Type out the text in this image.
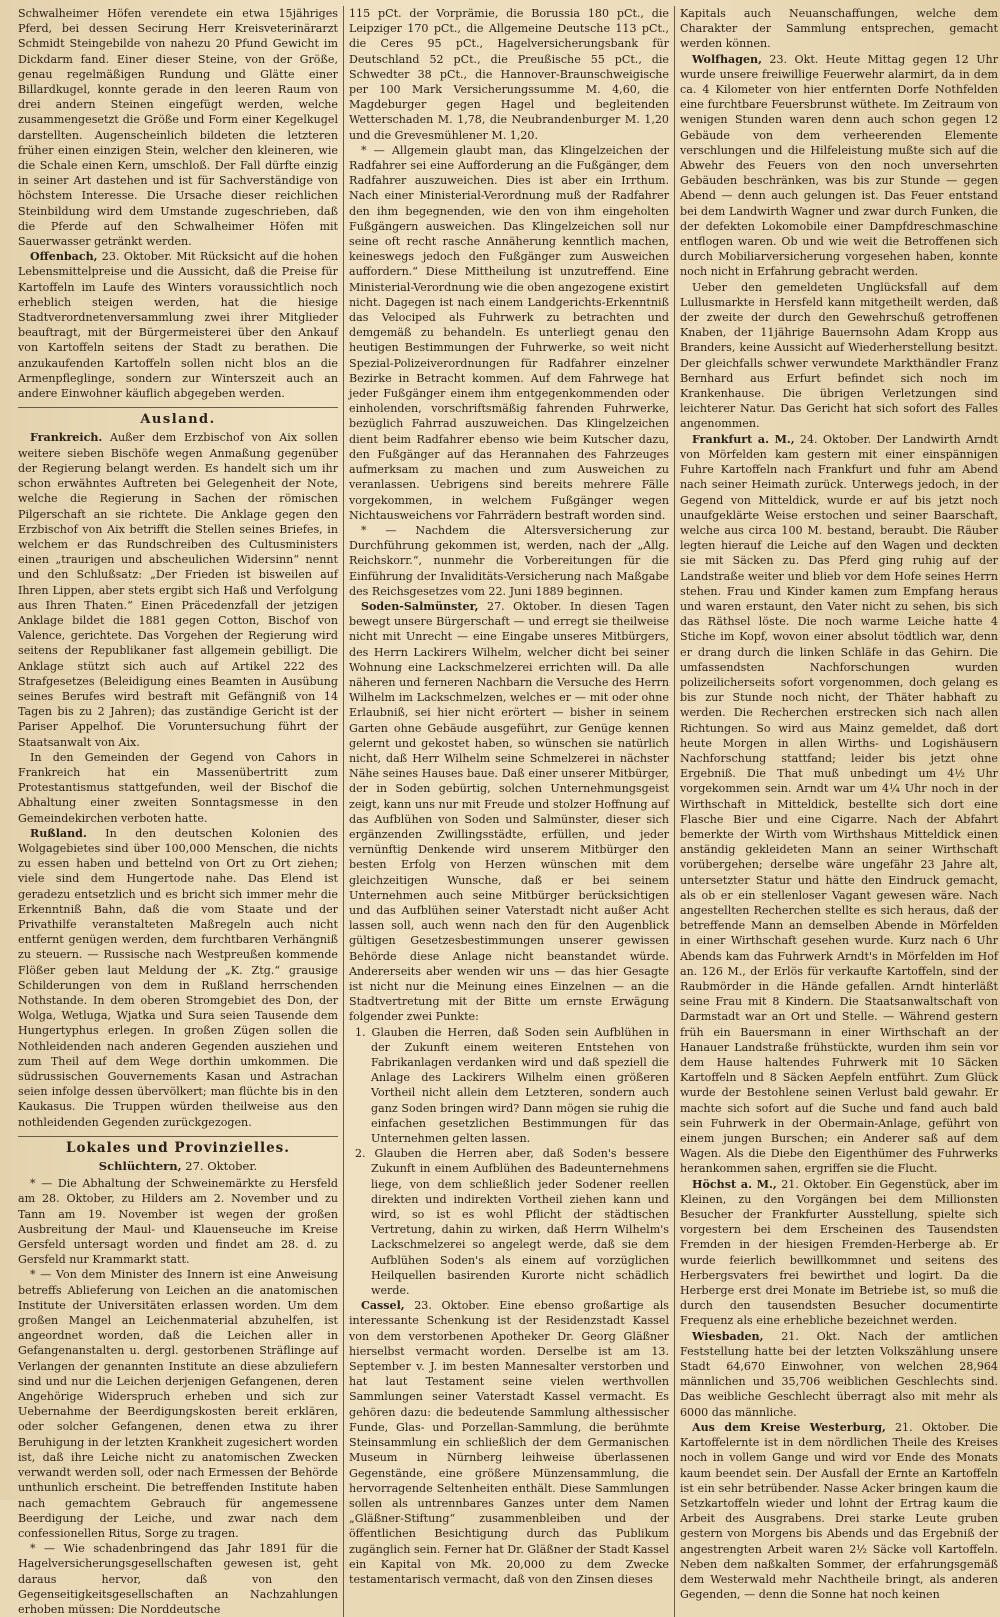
Schwalheimer Höfen verendete ein etwa 15jähriges Pferd, bei dessen Secirung Herr Kreisveterinärarzt Schmidt Steingebilde von nahezu 20 Pfund Gewicht im Dickdarm fand. Einer dieser Steine, von der Größe, genau regelmäßigen Rundung und Glätte einer Billardkugel, konnte gerade in den leeren Raum von drei andern Steinen eingefügt werden, welche zusammengesetzt die Größe und Form einer Kegelkugel darstellten. Augenscheinlich bildeten die letzteren früher einen einzigen Stein, welcher den kleineren, wie die Schale einen Kern, umschloß. Der Fall dürfte einzig in seiner Art dastehen und ist für Sachverständige von höchstem Interesse. Die Ursache dieser reichlichen Steinbildung wird dem Umstande zugeschrieben, daß die Pferde auf den Schwalheimer Höfen mit Sauerwasser getränkt werden.

Offenbach, 23. Oktober. Mit Rücksicht auf die hohen Lebensmittelpreise und die Aussicht, daß die Preise für Kartoffeln im Laufe des Winters voraussichtlich noch erheblich steigen werden, hat die hiesige Stadtverordnetenversammlung zwei ihrer Mitglieder beauftragt, mit der Bürgermeisterei über den Ankauf von Kartoffeln seitens der Stadt zu berathen. Die anzukaufenden Kartoffeln sollen nicht blos an die Armenpfleglinge, sondern zur Winterszeit auch an andere Einwohner käuflich abgegeben werden.

Ausland.

Frankreich. Außer dem Erzbischof von Aix sollen weitere sieben Bischöfe wegen Anmaßung gegenüber der Regierung belangt werden. Es handelt sich um ihr schon erwähntes Auftreten bei Gelegenheit der Note, welche die Regierung in Sachen der römischen Pilgerschaft an sie richtete. Die Anklage gegen den Erzbischof von Aix betrifft die Stellen seines Briefes, in welchem er das Rundschreiben des Cultusministers einen „traurigen und abscheulichen Widersinn“ nennt und den Schlußsatz: „Der Frieden ist bisweilen auf Ihren Lippen, aber stets ergibt sich Haß und Verfolgung aus Ihren Thaten.“ Einen Präcedenzfall der jetzigen Anklage bildet die 1881 gegen Cotton, Bischof von Valence, gerichtete. Das Vorgehen der Regierung wird seitens der Republikaner fast allgemein gebilligt. Die Anklage stützt sich auch auf Artikel 222 des Strafgesetzes (Beleidigung eines Beamten in Ausübung seines Berufes wird bestraft mit Gefängniß von 14 Tagen bis zu 2 Jahren); das zuständige Gericht ist der Pariser Appelhof. Die Voruntersuchung führt der Staatsanwalt von Aix.

In den Gemeinden der Gegend von Cahors in Frankreich hat ein Massenübertritt zum Protestantismus stattgefunden, weil der Bischof die Abhaltung einer zweiten Sonntagsmesse in den Gemeindekirchen verboten hatte.

Rußland. In den deutschen Kolonien des Wolgagebietes sind über 100,000 Menschen, die nichts zu essen haben und bettelnd von Ort zu Ort ziehen; viele sind dem Hungertode nahe. Das Elend ist geradezu entsetzlich und es bricht sich immer mehr die Erkenntniß Bahn, daß die vom Staate und der Privathilfe veranstalteten Maßregeln auch nicht entfernt genügen werden, dem furchtbaren Verhängniß zu steuern. — Russische nach Westpreußen kommende Flößer geben laut Meldung der „K. Ztg.“ grausige Schilderungen von dem in Rußland herrschenden Nothstande. In dem oberen Stromgebiet des Don, der Wolga, Wetluga, Wjatka und Sura seien Tausende dem Hungertyphus erlegen. In großen Zügen sollen die Nothleidenden nach anderen Gegenden ausziehen und zum Theil auf dem Wege dorthin umkommen. Die südrussischen Gouvernements Kasan und Astrachan seien infolge dessen übervölkert; man flüchte bis in den Kaukasus. Die Truppen würden theilweise aus den nothleidenden Gegenden zurückgezogen.

Lokales und Provinzielles.
Schlüchtern, 27. Oktober.

* — Die Abhaltung der Schweinemärkte zu Hersfeld am 28. Oktober, zu Hilders am 2. November und zu Tann am 19. November ist wegen der großen Ausbreitung der Maul- und Klauenseuche im Kreise Gersfeld untersagt worden und findet am 28. d. zu Gersfeld nur Krammarkt statt.

* — Von dem Minister des Innern ist eine Anweisung betreffs Ablieferung von Leichen an die anatomischen Institute der Universitäten erlassen worden. Um dem großen Mangel an Leichenmaterial abzuhelfen, ist angeordnet worden, daß die Leichen aller in Gefangenanstalten u. dergl. gestorbenen Sträflinge auf Verlangen der genannten Institute an diese abzuliefern sind und nur die Leichen derjenigen Gefangenen, deren Angehörige Widerspruch erheben und sich zur Uebernahme der Beerdigungskosten bereit erklären, oder solcher Gefangenen, denen etwa zu ihrer Beruhigung in der letzten Krankheit zugesichert worden ist, daß ihre Leiche nicht zu anatomischen Zwecken verwandt werden soll, oder nach Ermessen der Behörde unthunlich erscheint. Die betreffenden Institute haben nach gemachtem Gebrauch für angemessene Beerdigung der Leiche, und zwar nach dem confessionellen Ritus, Sorge zu tragen.

* — Wie schadenbringend das Jahr 1891 für die Hagelversicherungsgesellschaften gewesen ist, geht daraus hervor, daß von den Gegenseitigkeitsgesellschaften an Nachzahlungen erhoben müssen: Die Norddeutsche

115 pCt. der Vorprämie, die Borussia 180 pCt., die Leipziger 170 pCt., die Allgemeine Deutsche 113 pCt., die Ceres 95 pCt., Hagelversicherungsbank für Deutschland 52 pCt., die Preußische 55 pCt., die Schwedter 38 pCt., die Hannover-Braunschweigische per 100 Mark Versicherungssumme M. 4,60, die Magdeburger gegen Hagel und begleitenden Wetterschaden M. 1,78, die Neubrandenburger M. 1,20 und die Grevesmühlener M. 1,20.

* — Allgemein glaubt man, das Klingelzeichen der Radfahrer sei eine Aufforderung an die Fußgänger, dem Radfahrer auszuweichen. Dies ist aber ein Irrthum. Nach einer Ministerial-Verordnung muß der Radfahrer den ihm begegnenden, wie den von ihm eingeholten Fußgängern ausweichen. Das Klingelzeichen soll nur seine oft recht rasche Annäherung kenntlich machen, keineswegs jedoch den Fußgänger zum Ausweichen auffordern.“ Diese Mittheilung ist unzutreffend. Eine Ministerial-Verordnung wie die oben angezogene existirt nicht. Dagegen ist nach einem Landgerichts-Erkenntniß das Velociped als Fuhrwerk zu betrachten und demgemäß zu behandeln. Es unterliegt genau den heutigen Bestimmungen der Fuhrwerke, so weit nicht Spezial-Polizeiverordnungen für Radfahrer einzelner Bezirke in Betracht kommen. Auf dem Fahrwege hat jeder Fußgänger einem ihm entgegenkommenden oder einholenden, vorschriftsmäßig fahrenden Fuhrwerke, bezüglich Fahrrad auszuweichen. Das Klingelzeichen dient beim Radfahrer ebenso wie beim Kutscher dazu, den Fußgänger auf das Herannahen des Fahrzeuges aufmerksam zu machen und zum Ausweichen zu veranlassen. Uebrigens sind bereits mehrere Fälle vorgekommen, in welchem Fußgänger wegen Nichtausweichens vor Fahrrädern bestraft worden sind.

* — Nachdem die Altersversicherung zur Durchführung gekommen ist, werden, nach der „Allg. Reichskorr.“, nunmehr die Vorbereitungen für die Einführung der Invaliditäts-Versicherung nach Maßgabe des Reichsgesetzes vom 22. Juni 1889 beginnen.

Soden-Salmünster, 27. Oktober. In diesen Tagen bewegt unsere Bürgerschaft — und erregt sie theilweise nicht mit Unrecht — eine Eingabe unseres Mitbürgers, des Herrn Lackirers Wilhelm, welcher dicht bei seiner Wohnung eine Lackschmelzerei errichten will. Da alle näheren und ferneren Nachbarn die Versuche des Herrn Wilhelm im Lackschmelzen, welches er — mit oder ohne Erlaubniß, sei hier nicht erörtert — bisher in seinem Garten ohne Gebäude ausgeführt, zur Genüge kennen gelernt und gekostet haben, so wünschen sie natürlich nicht, daß Herr Wilhelm seine Schmelzerei in nächster Nähe seines Hauses baue. Daß einer unserer Mitbürger, der in Soden gebürtig, solchen Unternehmungsgeist zeigt, kann uns nur mit Freude und stolzer Hoffnung auf das Aufblühen von Soden und Salmünster, dieser sich ergänzenden Zwillingsstädte, erfüllen, und jeder vernünftig Denkende wird unserem Mitbürger den besten Erfolg von Herzen wünschen mit dem gleichzeitigen Wunsche, daß er bei seinem Unternehmen auch seine Mitbürger berücksichtigen und das Aufblühen seiner Vaterstadt nicht außer Acht lassen soll, auch wenn nach den für den Augenblick gültigen Gesetzesbestimmungen unserer gewissen Behörde diese Anlage nicht beanstandet würde. Andererseits aber wenden wir uns — das hier Gesagte ist nicht nur die Meinung eines Einzelnen — an die Stadtvertretung mit der Bitte um ernste Erwägung folgender zwei Punkte:

1. Glauben die Herren, daß Soden sein Aufblühen in der Zukunft einem weiteren Entstehen von Fabrikanlagen verdanken wird und daß speziell die Anlage des Lackirers Wilhelm einen größeren Vortheil nicht allein dem Letzteren, sondern auch ganz Soden bringen wird? Dann mögen sie ruhig die einfachen gesetzlichen Bestimmungen für das Unternehmen gelten lassen.

2. Glauben die Herren aber, daß Soden's bessere Zukunft in einem Aufblühen des Badeunternehmens liege, von dem schließlich jeder Sodener reellen direkten und indirekten Vortheil ziehen kann und wird, so ist es wohl Pflicht der städtischen Vertretung, dahin zu wirken, daß Herrn Wilhelm's Lackschmelzerei so angelegt werde, daß sie dem Aufblühen Soden's als einem auf vorzüglichen Heilquellen basirenden Kurorte nicht schädlich werde.

Cassel, 23. Oktober. Eine ebenso großartige als interessante Schenkung ist der Residenzstadt Kassel von dem verstorbenen Apotheker Dr. Georg Gläßner hierselbst vermacht worden. Derselbe ist am 13. September v. J. im besten Mannesalter verstorben und hat laut Testament seine vielen werthvollen Sammlungen seiner Vaterstadt Kassel vermacht. Es gehören dazu: die bedeutende Sammlung althessischer Funde, Glas- und Porzellan-Sammlung, die berühmte Steinsammlung ein schließlich der dem Germanischen Museum in Nürnberg leihweise überlassenen Gegenstände, eine größere Münzensammlung, die hervorragende Seltenheiten enthält. Diese Sammlungen sollen als untrennbares Ganzes unter dem Namen „Gläßner-Stiftung“ zusammenbleiben und der öffentlichen Besichtigung durch das Publikum zugänglich sein. Ferner hat Dr. Gläßner der Stadt Kassel ein Kapital von Mk. 20,000 zu dem Zwecke testamentarisch vermacht, daß von den Zinsen dieses

Kapitals auch Neuanschaffungen, welche dem Charakter der Sammlung entsprechen, gemacht werden können.

Wolfhagen, 23. Okt. Heute Mittag gegen 12 Uhr wurde unsere freiwillige Feuerwehr alarmirt, da in dem ca. 4 Kilometer von hier entfernten Dorfe Nothfelden eine furchtbare Feuersbrunst wüthete. Im Zeitraum von wenigen Stunden waren denn auch schon gegen 12 Gebäude von dem verheerenden Elemente verschlungen und die Hilfeleistung mußte sich auf die Abwehr des Feuers von den noch unversehrten Gebäuden beschränken, was bis zur Stunde — gegen Abend — denn auch gelungen ist. Das Feuer entstand bei dem Landwirth Wagner und zwar durch Funken, die der defekten Lokomobile einer Dampfdreschmaschine entflogen waren. Ob und wie weit die Betroffenen sich durch Mobiliarversicherung vorgesehen haben, konnte noch nicht in Erfahrung gebracht werden.

Ueber den gemeldeten Unglücksfall auf dem Lullusmarkte in Hersfeld kann mitgetheilt werden, daß der zweite der durch den Gewehrschuß getroffenen Knaben, der 11jährige Bauernsohn Adam Kropp aus Branders, keine Aussicht auf Wiederherstellung besitzt. Der gleichfalls schwer verwundete Markthändler Franz Bernhard aus Erfurt befindet sich noch im Krankenhause. Die übrigen Verletzungen sind leichterer Natur. Das Gericht hat sich sofort des Falles angenommen.

Frankfurt a. M., 24. Oktober. Der Landwirth Arndt von Mörfelden kam gestern mit einer einspännigen Fuhre Kartoffeln nach Frankfurt und fuhr am Abend nach seiner Heimath zurück. Unterwegs jedoch, in der Gegend von Mitteldick, wurde er auf bis jetzt noch unaufgeklärte Weise erstochen und seiner Baarschaft, welche aus circa 100 M. bestand, beraubt. Die Räuber legten hierauf die Leiche auf den Wagen und deckten sie mit Säcken zu. Das Pferd ging ruhig auf der Landstraße weiter und blieb vor dem Hofe seines Herrn stehen. Frau und Kinder kamen zum Empfang heraus und waren erstaunt, den Vater nicht zu sehen, bis sich das Räthsel löste. Die noch warme Leiche hatte 4 Stiche im Kopf, wovon einer absolut tödtlich war, denn er drang durch die linken Schläfe in das Gehirn. Die umfassendsten Nachforschungen wurden polizeilicherseits sofort vorgenommen, doch gelang es bis zur Stunde noch nicht, der Thäter habhaft zu werden. Die Recherchen erstrecken sich nach allen Richtungen. So wird aus Mainz gemeldet, daß dort heute Morgen in allen Wirths- und Logishäusern Nachforschung stattfand; leider bis jetzt ohne Ergebniß. Die That muß unbedingt um 4½ Uhr vorgekommen sein. Arndt war um 4¼ Uhr noch in der Wirthschaft in Mitteldick, bestellte sich dort eine Flasche Bier und eine Cigarre. Nach der Abfahrt bemerkte der Wirth vom Wirthshaus Mitteldick einen anständig gekleideten Mann an seiner Wirthschaft vorübergehen; derselbe wäre ungefähr 23 Jahre alt, untersetzter Statur und hätte den Eindruck gemacht, als ob er ein stellenloser Vagant gewesen wäre. Nach angestellten Recherchen stellte es sich heraus, daß der betreffende Mann an demselben Abende in Mörfelden in einer Wirthschaft gesehen wurde. Kurz nach 6 Uhr Abends kam das Fuhrwerk Arndt's in Mörfelden im Hof an. 126 M., der Erlös für verkaufte Kartoffeln, sind der Raubmörder in die Hände gefallen. Arndt hinterläßt seine Frau mit 8 Kindern. Die Staatsanwaltschaft von Darmstadt war an Ort und Stelle. — Während gestern früh ein Bauersmann in einer Wirthschaft an der Hanauer Landstraße frühstückte, wurden ihm sein vor dem Hause haltendes Fuhrwerk mit 10 Säcken Kartoffeln und 8 Säcken Aepfeln entführt. Zum Glück wurde der Bestohlene seinen Verlust bald gewahr. Er machte sich sofort auf die Suche und fand auch bald sein Fuhrwerk in der Obermain-Anlage, geführt von einem jungen Burschen; ein Anderer saß auf dem Wagen. Als die Diebe den Eigenthümer des Fuhrwerks herankommen sahen, ergriffen sie die Flucht.

Höchst a. M., 21. Oktober. Ein Gegenstück, aber im Kleinen, zu den Vorgängen bei dem Millionsten Besucher der Frankfurter Ausstellung, spielte sich vorgestern bei dem Erscheinen des Tausendsten Fremden in der hiesigen Fremden-Herberge ab. Er wurde feierlich bewillkommnet und seitens des Herbergsvaters frei bewirthet und logirt. Da die Herberge erst drei Monate im Betriebe ist, so muß die durch den tausendsten Besucher documentirte Frequenz als eine erhebliche bezeichnet werden.

Wiesbaden, 21. Okt. Nach der amtlichen Feststellung hatte bei der letzten Volkszählung unsere Stadt 64,670 Einwohner, von welchen 28,964 männlichen und 35,706 weiblichen Geschlechts sind. Das weibliche Geschlecht überragt also mit mehr als 6000 das männliche.

Aus dem Kreise Westerburg, 21. Oktober. Die Kartoffelernte ist in dem nördlichen Theile des Kreises noch in vollem Gange und wird vor Ende des Monats kaum beendet sein. Der Ausfall der Ernte an Kartoffeln ist ein sehr betrübender. Nasse Acker bringen kaum die Setzkartoffeln wieder und lohnt der Ertrag kaum die Arbeit des Ausgrabens. Drei starke Leute gruben gestern von Morgens bis Abends und das Ergebniß der angestrengten Arbeit waren 2½ Säcke voll Kartoffeln. Neben dem naßkalten Sommer, der erfahrungsgemäß dem Westerwald mehr Nachtheile bringt, als anderen Gegenden, — denn die Sonne hat noch keinen
